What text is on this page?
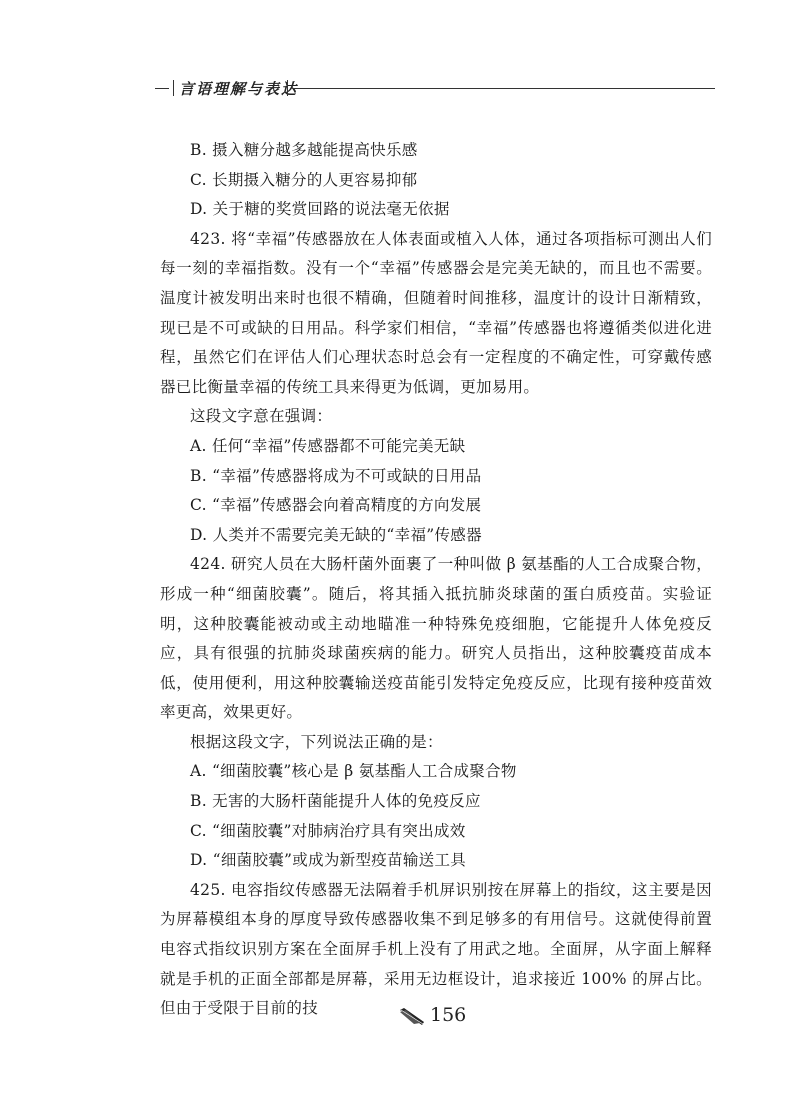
言语理解与表达

B. 摄入糖分越多越能提高快乐感

C. 长期摄入糖分的人更容易抑郁

D. 关于糖的奖赏回路的说法毫无依据

423. 将“幸福”传感器放在人体表面或植入人体，通过各项指标可测出人们每一刻的幸福指数。没有一个“幸福”传感器会是完美无缺的，而且也不需要。温度计被发明出来时也很不精确，但随着时间推移，温度计的设计日渐精致，现已是不可或缺的日用品。科学家们相信，“幸福”传感器也将遵循类似进化进程，虽然它们在评估人们心理状态时总会有一定程度的不确定性，可穿戴传感器已比衡量幸福的传统工具来得更为低调，更加易用。

这段文字意在强调：

A. 任何“幸福”传感器都不可能完美无缺

B. “幸福”传感器将成为不可或缺的日用品

C. “幸福”传感器会向着高精度的方向发展

D. 人类并不需要完美无缺的“幸福”传感器

424. 研究人员在大肠杆菌外面裹了一种叫做 β 氨基酯的人工合成聚合物，形成一种“细菌胶囊”。随后，将其插入抵抗肺炎球菌的蛋白质疫苗。实验证明，这种胶囊能被动或主动地瞄准一种特殊免疫细胞，它能提升人体免疫反应，具有很强的抗肺炎球菌疾病的能力。研究人员指出，这种胶囊疫苗成本低，使用便利，用这种胶囊输送疫苗能引发特定免疫反应，比现有接种疫苗效率更高，效果更好。

根据这段文字，下列说法正确的是：

A. “细菌胶囊”核心是 β 氨基酯人工合成聚合物

B. 无害的大肠杆菌能提升人体的免疫反应

C. “细菌胶囊”对肺病治疗具有突出成效

D. “细菌胶囊”或成为新型疫苗输送工具

425. 电容指纹传感器无法隔着手机屏识别按在屏幕上的指纹，这主要是因为屏幕模组本身的厚度导致传感器收集不到足够多的有用信号。这就使得前置电容式指纹识别方案在全面屏手机上没有了用武之地。全面屏，从字面上解释就是手机的正面全部都是屏幕，采用无边框设计，追求接近 100% 的屏占比。但由于受限于目前的技	156
